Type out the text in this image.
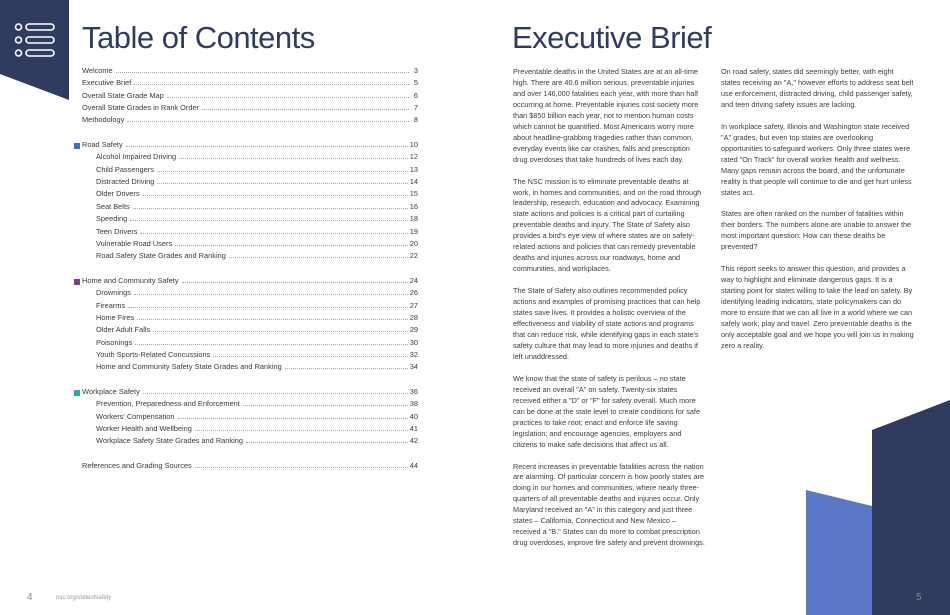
Table of Contents
Welcome	3
Executive Brief	5
Overall State Grade Map	6
Overall State Grades in Rank Order	7
Methodology	8
Road Safety	10
Alcohol Impaired Driving	12
Child Passengers	13
Distracted Driving	14
Older Drivers	15
Seat Belts	16
Speeding	18
Teen Drivers	19
Vulnerable Road Users	20
Road Safety State Grades and Ranking	22
Home and Community Safety	24
Drownings	26
Firearms	27
Home Fires	28
Older Adult Falls	29
Poisonings	30
Youth Sports-Related Concussions	32
Home and Community Safety State Grades and Ranking	34
Workplace Safety	36
Prevention, Preparedness and Enforcement	38
Workers' Compensation	40
Worker Health and Wellbeing	41
Workplace Safety State Grades and Ranking	42
References and Grading Sources	44
Executive Brief

Preventable deaths in the United States are at an all-time high. There are 40.6 million serious, preventable injuries and over 146,000 fatalities each year, with more than half occurring at home. Preventable injuries cost society more than $850 billion each year, not to mention human costs which cannot be quantified. Most Americans worry more about headline-grabbing tragedies rather than common, everyday events like car crashes, falls and prescription drug overdoses that take hundreds of lives each day.

The NSC mission is to eliminate preventable deaths at work, in homes and communities, and on the road through leadership, research, education and advocacy. Examining state actions and policies is a critical part of curtailing preventable deaths and injury. The State of Safety also provides a bird's eye view of where states are on safety-related actions and policies that can remedy preventable deaths and injuries across our roadways, home and communities, and workplaces.

The State of Safety also outlines recommended policy actions and examples of promising practices that can help states save lives. It provides a holistic overview of the effectiveness and viability of state actions and programs that can reduce risk, while identifying gaps in each state's safety culture that may lead to more injuries and deaths if left unaddressed.

We know that the state of safety is perilous – no state received an overall "A" on safety. Twenty-six states received either a "D" or "F" for safety overall. Much more can be done at the state level to create conditions for safe practices to take root; enact and enforce life saving legislation; and encourage agencies, employers and citizens to make safe decisions that affect us all.

Recent increases in preventable fatalities across the nation are alarming. Of particular concern is how poorly states are doing in our homes and communities, where nearly three-quarters of all preventable deaths and injuries occur. Only Maryland received an "A" in this category and just three states – California, Connecticut and New Mexico – received a "B." States can do more to combat prescription drug overdoses, improve fire safety and prevent drownings.

On road safety, states did seemingly better, with eight states receiving an "A," however efforts to address seat belt use enforcement, distracted driving, child passenger safety, and teen driving safety issues are lacking.

In workplace safety, Illinois and Washington state received "A" grades, but even top states are overlooking opportunities to safeguard workers. Only three states were rated "On Track" for overall worker health and wellness. Many gaps remain across the board, and the unfortunate reality is that people will continue to die and get hurt unless states act.

States are often ranked on the number of fatalities within their borders. The numbers alone are unable to answer the most important question: How can these deaths be prevented?

This report seeks to answer this question, and provides a way to highlight and eliminate dangerous gaps. It is a starting point for states willing to take the lead on safety. By identifying leading indicators, state policymakers can do more to ensure that we can all live in a world where we can safely work, play and travel. Zero preventable deaths is the only acceptable goal and we hope you will join us in making zero a reality.

4	nsc.org/stateofsafety	5
